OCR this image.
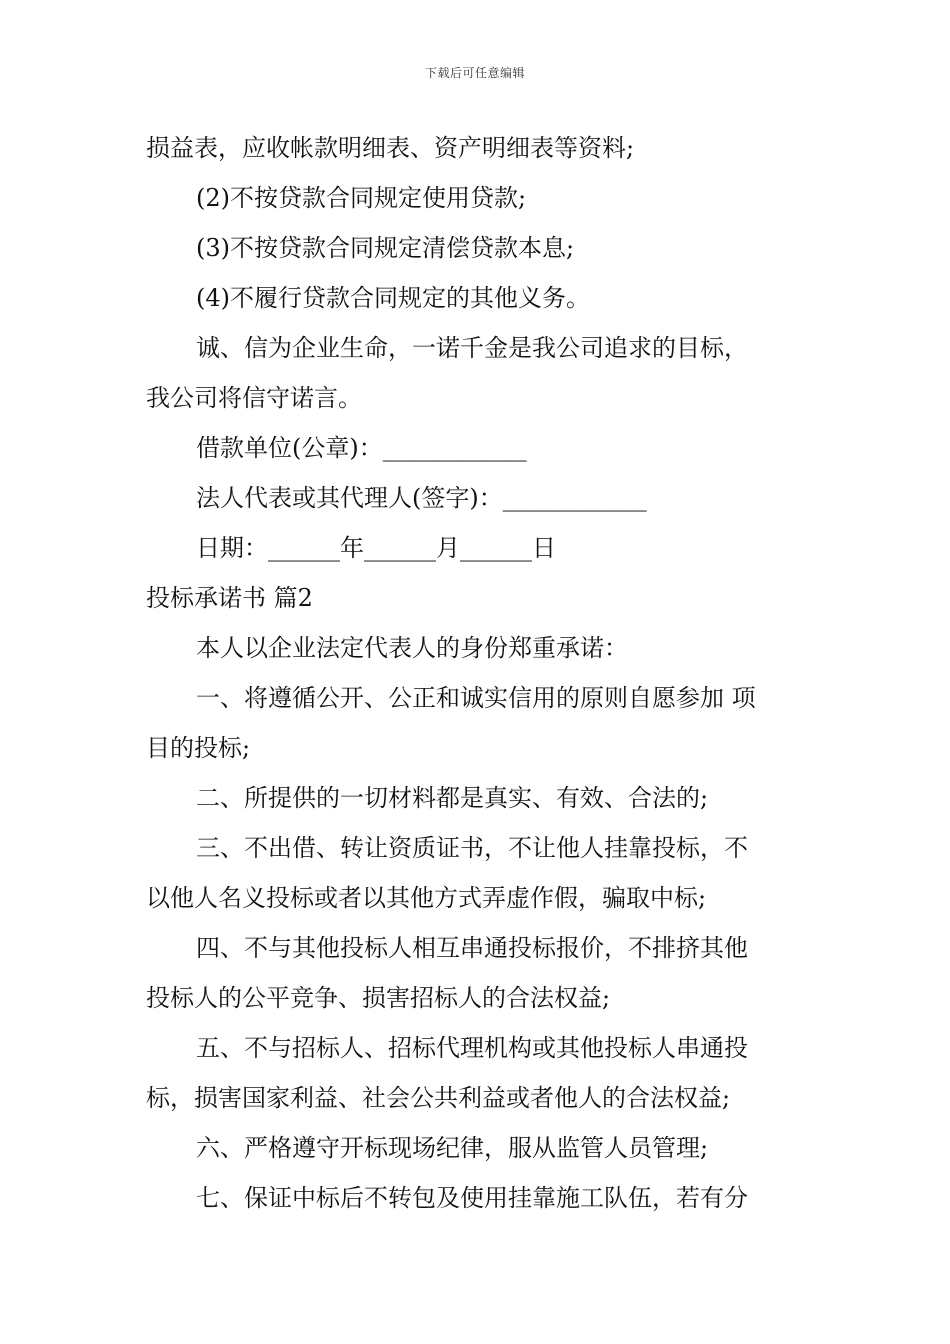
下载后可任意编辑
损益表，应收帐款明细表、资产明细表等资料;
(2)不按贷款合同规定使用贷款;
(3)不按贷款合同规定清偿贷款本息;
(4)不履行贷款合同规定的其他义务。
诚、信为企业生命，一诺千金是我公司追求的目标，
我公司将信守诺言。
借款单位(公章)：____________
法人代表或其代理人(签字)：____________
日期：______年______月______日
投标承诺书 篇2
本人以企业法定代表人的身份郑重承诺：
一、将遵循公开、公正和诚实信用的原则自愿参加 项
目的投标;
二、所提供的一切材料都是真实、有效、合法的;
三、不出借、转让资质证书，不让他人挂靠投标，不
以他人名义投标或者以其他方式弄虚作假，骗取中标;
四、不与其他投标人相互串通投标报价，不排挤其他
投标人的公平竞争、损害招标人的合法权益;
五、不与招标人、招标代理机构或其他投标人串通投
标，损害国家利益、社会公共利益或者他人的合法权益;
六、严格遵守开标现场纪律，服从监管人员管理;
七、保证中标后不转包及使用挂靠施工队伍，若有分
